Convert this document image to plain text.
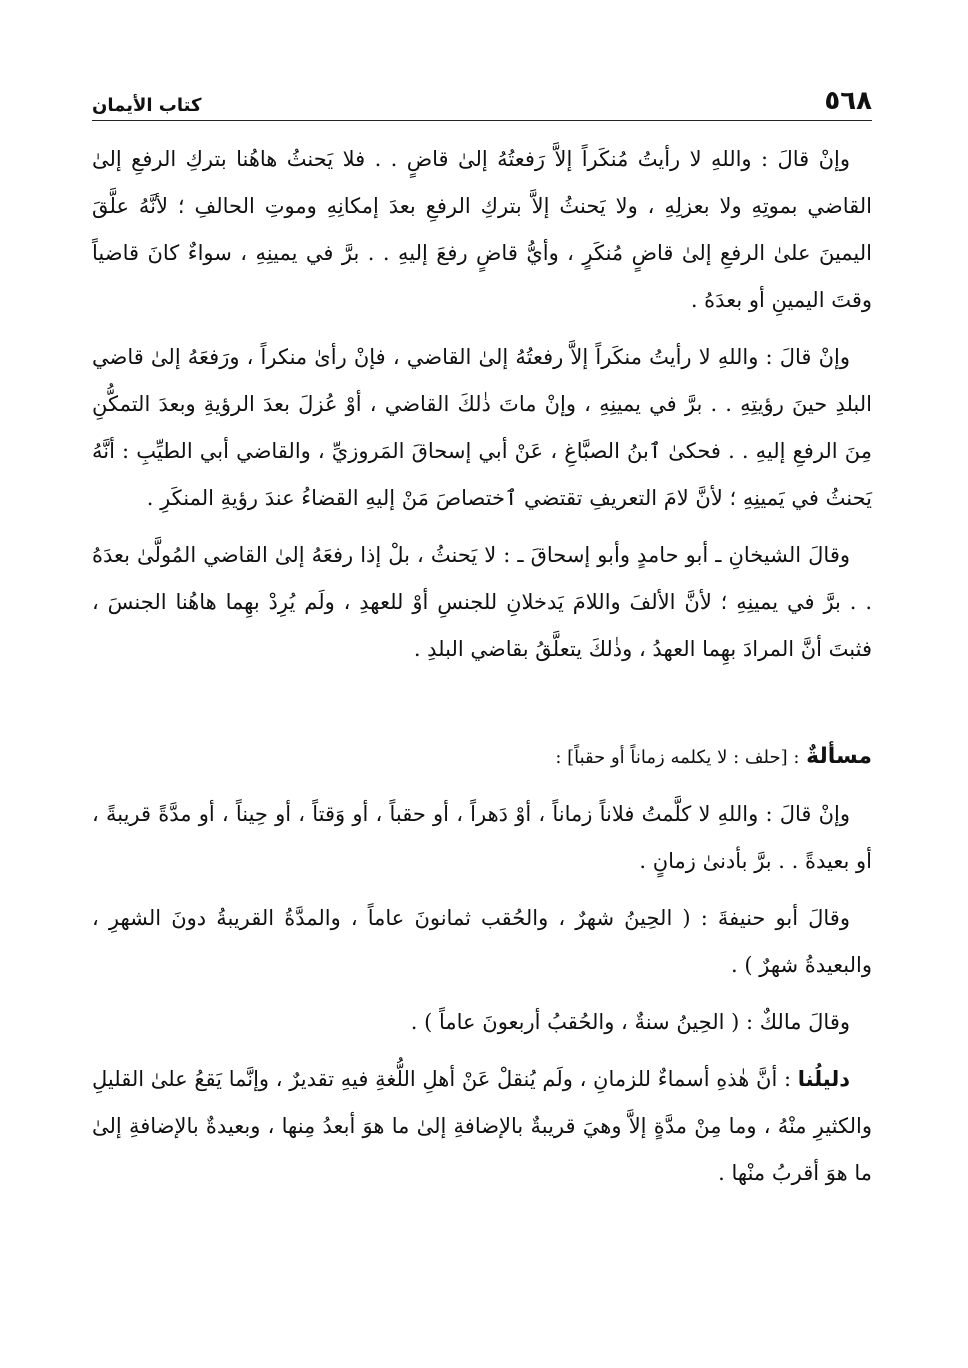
٥٦٨
كتاب الأيمان

وإنْ قالَ : واللهِ لا رأيتُ مُنكَراً إلاَّ رَفعتُهُ إلىٰ قاضٍ . . فلا يَحنثُ هاهُنا بتركِ الرفعِ إلىٰ القاضي بموتِهِ ولا بعزلِهِ ، ولا يَحنثُ إلاَّ بتركِ الرفعِ بعدَ إمكانِهِ وموتِ الحالفِ ؛ لأنَّهُ علَّقَ اليمينَ علىٰ الرفعِ إلىٰ قاضٍ مُنكَرٍ ، وأيُّ قاضٍ رفعَ إليهِ . . برَّ في يمينِهِ ، سواءٌ كانَ قاضياً وقتَ اليمينِ أو بعدَهُ .

وإنْ قالَ : واللهِ لا رأيتُ منكَراً إلاَّ رفعتُهُ إلىٰ القاضي ، فإنْ رأىٰ منكراً ، ورَفعَهُ إلىٰ قاضي البلدِ حينَ رؤيتِهِ . . برَّ في يمينِهِ ، وإنْ ماتَ ذٰلكَ القاضي ، أوْ عُزلَ بعدَ الرؤيةِ وبعدَ التمكُّنِ مِنَ الرفعِ إليهِ . . فحكىٰ ٱبنُ الصبَّاغِ ، عَنْ أبي إسحاقَ المَروزيِّ ، والقاضي أبي الطيِّبِ : أنَّهُ يَحنثُ في يَمينِهِ ؛ لأنَّ لامَ التعريفِ تقتضي ٱختصاصَ مَنْ إليهِ القضاءُ عندَ رؤيةِ المنكَرِ .

وقالَ الشيخانِ ـ أبو حامدٍ وأبو إسحاقَ ـ : لا يَحنثُ ، بلْ إذا رفعَهُ إلىٰ القاضي المُولَّىٰ بعدَهُ . . برَّ في يمينِهِ ؛ لأنَّ الألفَ واللامَ يَدخلانِ للجنسِ أوْ للعهدِ ، ولَم يُرِدْ بهِما هاهُنا الجنسَ ، فثبتَ أنَّ المرادَ بهِما العهدُ ، وذٰلكَ يتعلَّقُ بقاضي البلدِ .

مسألةٌ : [حلف : لا يكلمه زماناً أو حقباً] :

وإنْ قالَ : واللهِ لا كلَّمتُ فلاناً زماناً ، أوْ دَهراً ، أو حقباً ، أو وَقتاً ، أو حِيناً ، أو مدَّةً قريبةً ، أو بعيدةً . . برَّ بأدنىٰ زمانٍ .

وقالَ أبو حنيفةَ : ( الحِينُ شهرٌ ، والحُقب ثمانونَ عاماً ، والمدَّةُ القريبةُ دونَ الشهرِ ، والبعيدةُ شهرٌ ) .

وقالَ مالكٌ : ( الحِينُ سنةٌ ، والحُقبُ أربعونَ عاماً ) .

دليلُنا : أنَّ هٰذهِ أسماءٌ للزمانِ ، ولَم يُنقلْ عَنْ أهلِ اللُّغةِ فيهِ تقديرٌ ، وإنَّما يَقعُ علىٰ القليلِ والكثيرِ منْهُ ، وما مِنْ مدَّةٍ إلاَّ وهيَ قريبةٌ بالإضافةِ إلىٰ ما هوَ أبعدُ مِنها ، وبعيدةٌ بالإضافةِ إلىٰ ما هوَ أقربُ منْها .
